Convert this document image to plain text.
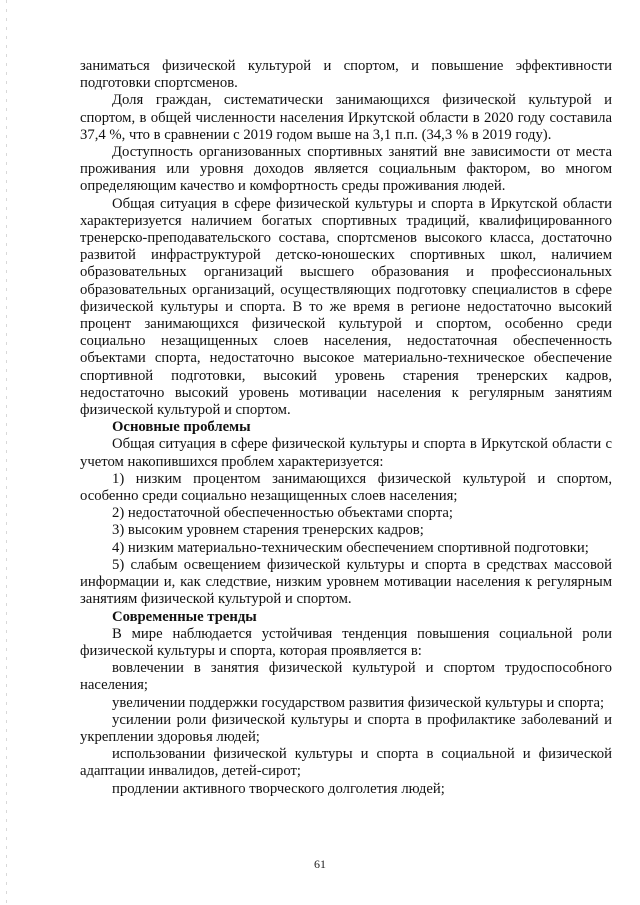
заниматься физической культурой и спортом, и повышение эффективности подготовки спортсменов.

Доля граждан, систематически занимающихся физической культурой и спортом, в общей численности населения Иркутской области в 2020 году составила 37,4 %, что в сравнении с 2019 годом выше на 3,1 п.п. (34,3 % в 2019 году).

Доступность организованных спортивных занятий вне зависимости от места проживания или уровня доходов является социальным фактором, во многом определяющим качество и комфортность среды проживания людей.

Общая ситуация в сфере физической культуры и спорта в Иркутской области характеризуется наличием богатых спортивных традиций, квалифицированного тренерско-преподавательского состава, спортсменов высокого класса, достаточно развитой инфраструктурой детско-юношеских спортивных школ, наличием образовательных организаций высшего образования и профессиональных образовательных организаций, осуществляющих подготовку специалистов в сфере физической культуры и спорта. В то же время в регионе недостаточно высокий процент занимающихся физической культурой и спортом, особенно среди социально незащищенных слоев населения, недостаточная обеспеченность объектами спорта, недостаточно высокое материально-техническое обеспечение спортивной подготовки, высокий уровень старения тренерских кадров, недостаточно высокий уровень мотивации населения к регулярным занятиям физической культурой и спортом.

Основные проблемы

Общая ситуация в сфере физической культуры и спорта в Иркутской области с учетом накопившихся проблем характеризуется:

1) низким процентом занимающихся физической культурой и спортом, особенно среди социально незащищенных слоев населения;

2) недостаточной обеспеченностью объектами спорта;

3) высоким уровнем старения тренерских кадров;

4) низким материально-техническим обеспечением спортивной подготовки;

5) слабым освещением физической культуры и спорта в средствах массовой информации и, как следствие, низким уровнем мотивации населения к регулярным занятиям физической культурой и спортом.

Современные тренды

В мире наблюдается устойчивая тенденция повышения социальной роли физической культуры и спорта, которая проявляется в:

вовлечении в занятия физической культурой и спортом трудоспособного населения;

увеличении поддержки государством развития физической культуры и спорта;

усилении роли физической культуры и спорта в профилактике заболеваний и укреплении здоровья людей;

использовании физической культуры и спорта в социальной и физической адаптации инвалидов, детей-сирот;

продлении активного творческого долголетия людей;

61
